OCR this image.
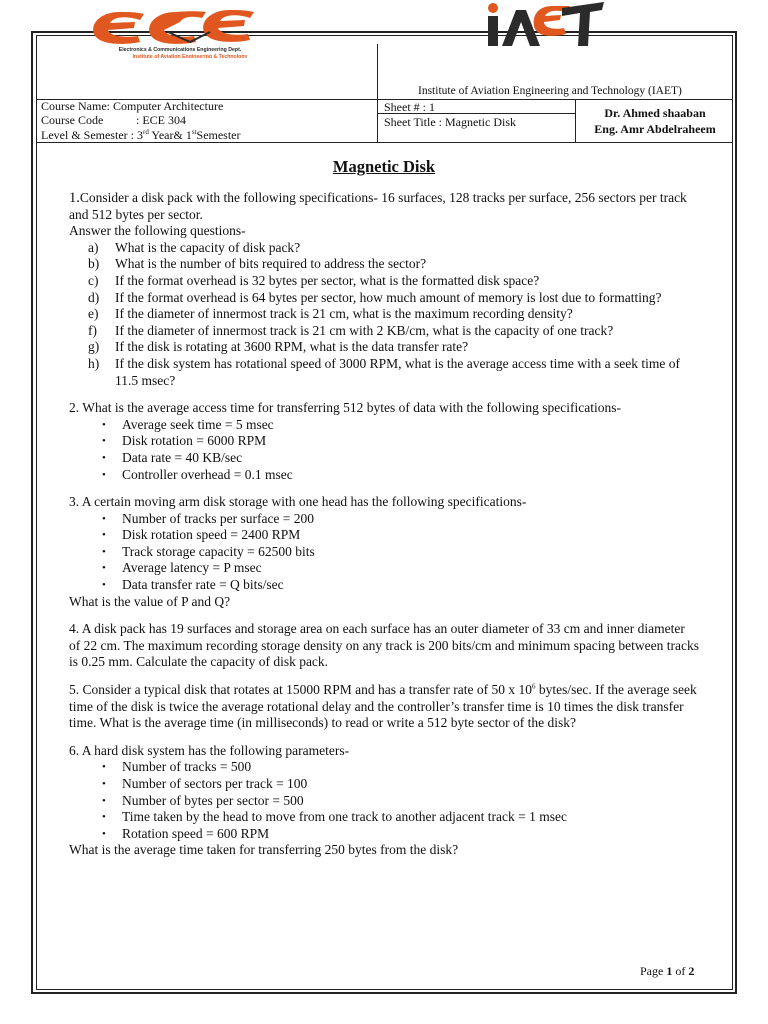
Course Name: Computer Architecture
Course Code	: ECE 304
Level & Semester : 3rd Year& 1stSemester
Sheet # : 1
Sheet Title : Magnetic Disk
Electronics & Communications Engineering Dept.
Institute of Aviation Engineering & Technology
IAET
Institute of Aviation Engineering and Technology (IAET)
Dr. Ahmed shaaban
Eng. Amr Abdelraheem
Magnetic Disk

1.Consider a disk pack with the following specifications- 16 surfaces, 128 tracks per surface, 256 sectors per track and 512 bytes per sector.

Answer the following questions-

a) What is the capacity of disk pack?
b) What is the number of bits required to address the sector?
c) If the format overhead is 32 bytes per sector, what is the formatted disk space?
d) If the format overhead is 64 bytes per sector, how much amount of memory is lost due to formatting?
e) If the diameter of innermost track is 21 cm, what is the maximum recording density?
f) If the diameter of innermost track is 21 cm with 2 KB/cm, what is the capacity of one track?
g) If the disk is rotating at 3600 RPM, what is the data transfer rate?
h) If the disk system has rotational speed of 3000 RPM, what is the average access time with a seek time of 11.5 msec?

2. What is the average access time for transferring 512 bytes of data with the following specifications-

• Average seek time = 5 msec
• Disk rotation = 6000 RPM
• Data rate = 40 KB/sec
• Controller overhead = 0.1 msec

3. A certain moving arm disk storage with one head has the following specifications-

• Number of tracks per surface = 200
• Disk rotation speed = 2400 RPM
• Track storage capacity = 62500 bits
• Average latency = P msec
• Data transfer rate = Q bits/sec

What is the value of P and Q?

4. A disk pack has 19 surfaces and storage area on each surface has an outer diameter of 33 cm and inner diameter of 22 cm. The maximum recording storage density on any track is 200 bits/cm and minimum spacing between tracks is 0.25 mm. Calculate the capacity of disk pack.

5. Consider a typical disk that rotates at 15000 RPM and has a transfer rate of 50 x $10^6$ bytes/sec. If the average seek time of the disk is twice the average rotational delay and the controller’s transfer time is 10 times the disk transfer time. What is the average time (in milliseconds) to read or write a 512 byte sector of the disk?

6. A hard disk system has the following parameters-

• Number of tracks = 500
• Number of sectors per track = 100
• Number of bytes per sector = 500
• Time taken by the head to move from one track to another adjacent track = 1 msec
• Rotation speed = 600 RPM

What is the average time taken for transferring 250 bytes from the disk?

Page 1 of 2
